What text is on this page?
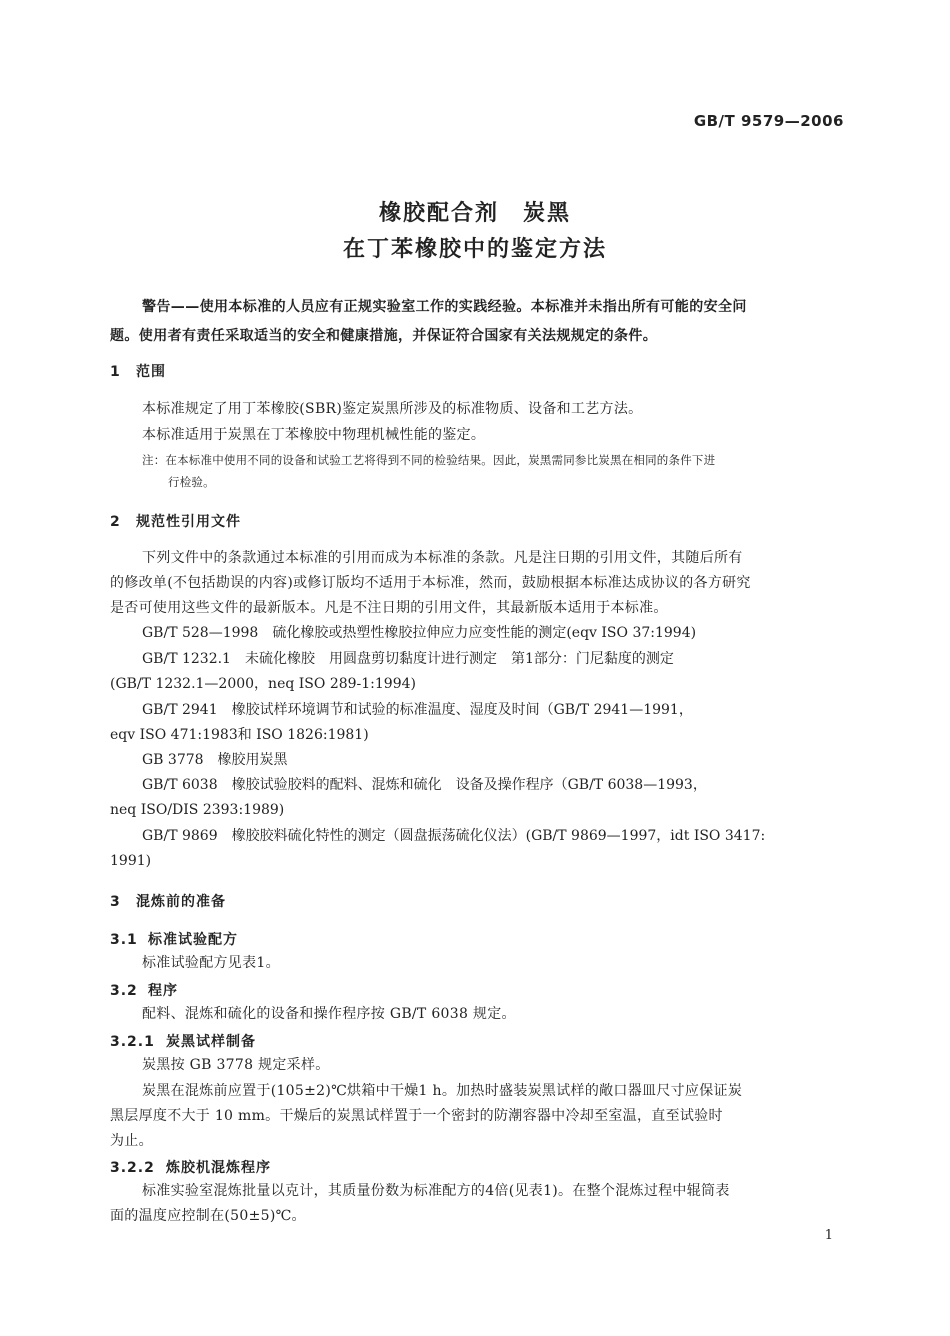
GB/T 9579—2006
橡胶配合剂　炭黑
在丁苯橡胶中的鉴定方法
警告——使用本标准的人员应有正规实验室工作的实践经验。本标准并未指出所有可能的安全问
题。使用者有责任采取适当的安全和健康措施，并保证符合国家有关法规规定的条件。
1 范围
本标准规定了用丁苯橡胶(SBR)鉴定炭黑所涉及的标准物质、设备和工艺方法。
本标准适用于炭黑在丁苯橡胶中物理机械性能的鉴定。
注：在本标准中使用不同的设备和试验工艺将得到不同的检验结果。因此，炭黑需同参比炭黑在相同的条件下进
行检验。
2 规范性引用文件
下列文件中的条款通过本标准的引用而成为本标准的条款。凡是注日期的引用文件，其随后所有
的修改单(不包括勘误的内容)或修订版均不适用于本标准，然而，鼓励根据本标准达成协议的各方研究
是否可使用这些文件的最新版本。凡是不注日期的引用文件，其最新版本适用于本标准。
GB/T 528—1998　硫化橡胶或热塑性橡胶拉伸应力应变性能的测定(eqv ISO 37:1994)
GB/T 1232.1　未硫化橡胶　用圆盘剪切黏度计进行测定　第1部分：门尼黏度的测定
(GB/T 1232.1—2000，neq ISO 289-1:1994)
GB/T 2941　橡胶试样环境调节和试验的标准温度、湿度及时间（GB/T 2941—1991，
eqv ISO 471:1983和 ISO 1826:1981)
GB 3778　橡胶用炭黑
GB/T 6038　橡胶试验胶料的配料、混炼和硫化　设备及操作程序（GB/T 6038—1993，
neq ISO/DIS 2393:1989)
GB/T 9869　橡胶胶料硫化特性的测定（圆盘振荡硫化仪法）(GB/T 9869—1997，idt ISO 3417:
1991)
3 混炼前的准备
3.1 标准试验配方
标准试验配方见表1。
3.2 程序
配料、混炼和硫化的设备和操作程序按 GB/T 6038 规定。
3.2.1 炭黑试样制备
炭黑按 GB 3778 规定采样。
炭黑在混炼前应置于(105±2)℃烘箱中干燥1 h。加热时盛装炭黑试样的敞口器皿尺寸应保证炭
黑层厚度不大于 10 mm。干燥后的炭黑试样置于一个密封的防潮容器中冷却至室温，直至试验时
为止。
3.2.2 炼胶机混炼程序
标准实验室混炼批量以克计，其质量份数为标准配方的4倍(见表1)。在整个混炼过程中辊筒表
面的温度应控制在(50±5)℃。
1
